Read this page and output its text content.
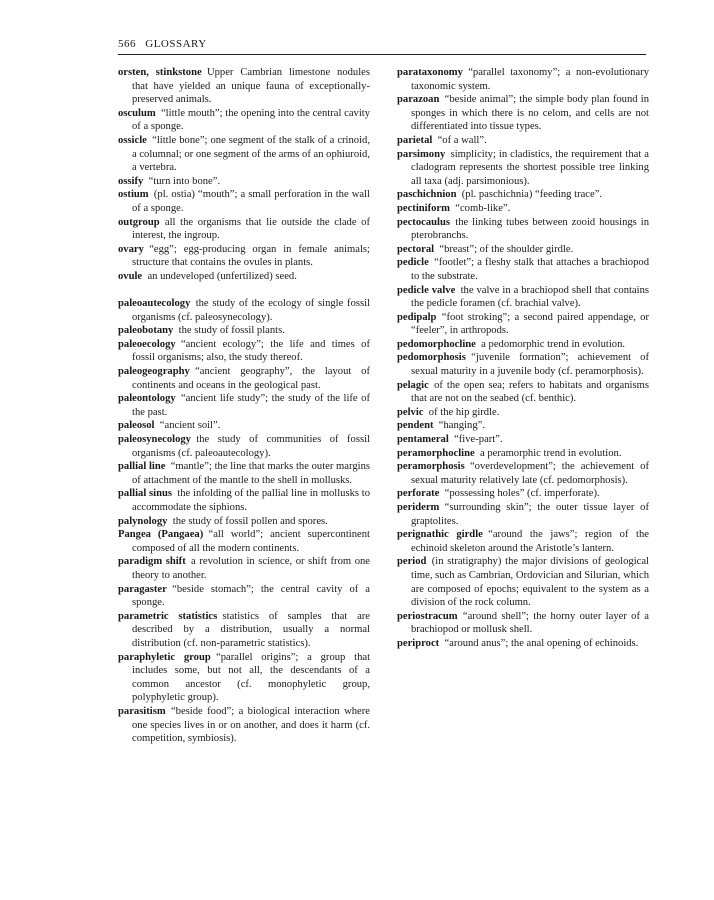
566 GLOSSARY

orsten, stinkstone  Upper Cambrian limestone nodules that have yielded an unique fauna of exceptionally-preserved animals.

osculum  “little mouth”; the opening into the central cavity of a sponge.

ossicle  “little bone”; one segment of the stalk of a crinoid, a columnal; or one segment of the arms of an ophiuroid, a vertebra.

ossify  “turn into bone”.

ostium  (pl. ostia) “mouth”; a small perforation in the wall of a sponge.

outgroup  all the organisms that lie outside the clade of interest, the ingroup.

ovary  “egg”; egg-producing organ in female animals; structure that contains the ovules in plants.

ovule  an undeveloped (unfertilized) seed.

paleoautecology  the study of the ecology of single fossil organisms (cf. paleosynecology).

paleobotany  the study of fossil plants.

paleoecology  “ancient ecology”; the life and times of fossil organisms; also, the study thereof.

paleogeography  “ancient geography”, the layout of continents and oceans in the geological past.

paleontology  “ancient life study”; the study of the life of the past.

paleosol  “ancient soil”.

paleosynecology  the study of communities of fossil organisms (cf. paleoautecology).

pallial line  “mantle”; the line that marks the outer margins of attachment of the mantle to the shell in mollusks.

pallial sinus  the infolding of the pallial line in mollusks to accommodate the siphions.

palynology  the study of fossil pollen and spores.

Pangea (Pangaea)  “all world”; ancient supercontinent composed of all the modern continents.

paradigm shift  a revolution in science, or shift from one theory to another.

paragaster  “beside stomach”; the central cavity of a sponge.

parametric statistics  statistics of samples that are described by a distribution, usually a normal distribution (cf. non-parametric statistics).

paraphyletic group  “parallel origins”; a group that includes some, but not all, the descendants of a common ancestor (cf. monophyletic group, polyphyletic group).

parasitism  “beside food”; a biological interaction where one species lives in or on another, and does it harm (cf. competition, symbiosis).

parataxonomy  “parallel taxonomy”; a non-evolutionary taxonomic system.

parazoan  “beside animal”; the simple body plan found in sponges in which there is no celom, and cells are not differentiated into tissue types.

parietal  “of a wall”.

parsimony  simplicity; in cladistics, the requirement that a cladogram represents the shortest possible tree linking all taxa (adj. parsimonious).

paschichnion  (pl. paschichnia) “feeding trace”.

pectiniform  “comb-like”.

pectocaulus  the linking tubes between zooid housings in pterobranchs.

pectoral  “breast”; of the shoulder girdle.

pedicle  “footlet”; a fleshy stalk that attaches a brachiopod to the substrate.

pedicle valve  the valve in a brachiopod shell that contains the pedicle foramen (cf. brachial valve).

pedipalp  “foot stroking”; a second paired appendage, or “feeler”, in arthropods.

pedomorphocline  a pedomorphic trend in evolution.

pedomorphosis  “juvenile formation”; achievement of sexual maturity in a juvenile body (cf. peramorphosis).

pelagic  of the open sea; refers to habitats and organisms that are not on the seabed (cf. benthic).

pelvic  of the hip girdle.

pendent  “hanging”.

pentameral  “five-part”.

peramorphocline  a peramorphic trend in evolution.

peramorphosis  “overdevelopment”; the achievement of sexual maturity relatively late (cf. pedomorphosis).

perforate  “possessing holes” (cf. imperforate).

periderm  “surrounding skin”; the outer tissue layer of graptolites.

perignathic girdle  “around the jaws”; region of the echinoid skeleton around the Aristotle’s lantern.

period  (in stratigraphy) the major divisions of geological time, such as Cambrian, Ordovician and Silurian, which are composed of epochs; equivalent to the system as a division of the rock column.

periostracum  “around shell”; the horny outer layer of a brachiopod or mollusk shell.

periproct  “around anus”; the anal opening of echinoids.
